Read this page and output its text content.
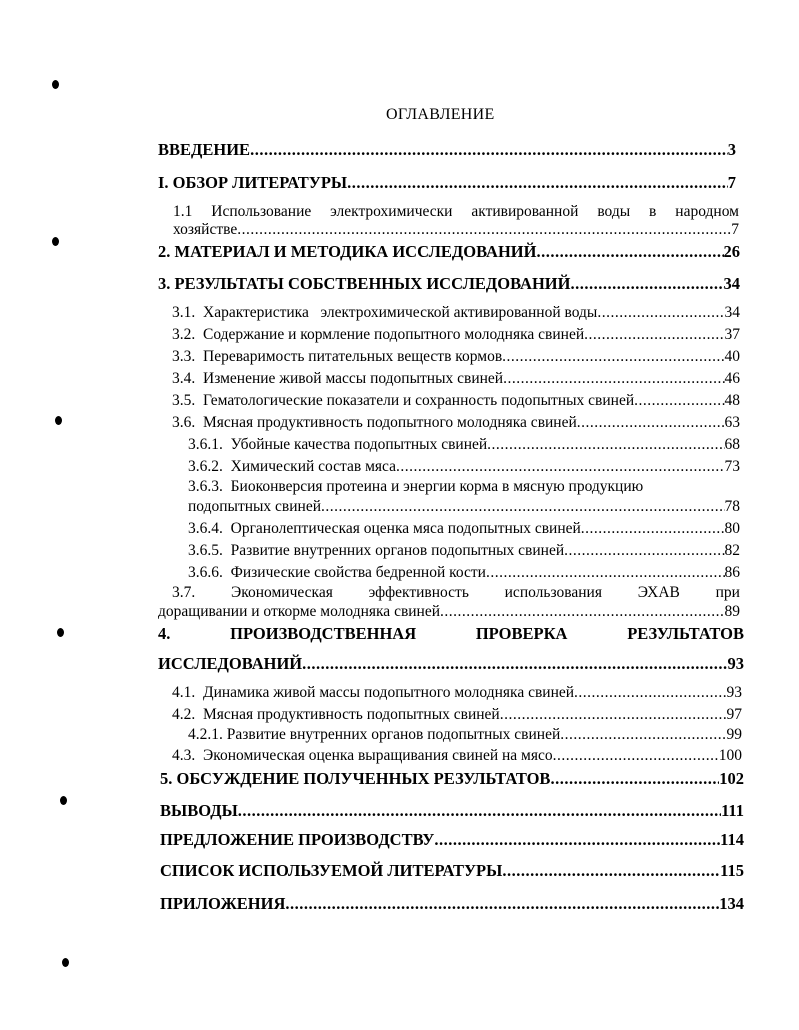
ОГЛАВЛЕНИЕ
ВВЕДЕНИЕ .....	3
I. ОБЗОР ЛИТЕРАТУРЫ .....	7
1.1 Использование электрохимически активированной воды в народном
хозяйстве .....	7
2. МАТЕРИАЛ И МЕТОДИКА ИССЛЕДОВАНИЙ .....	26
3. РЕЗУЛЬТАТЫ СОБСТВЕННЫХ ИССЛЕДОВАНИЙ .....	34
3.1.  Характеристика   электрохимической активированной воды .....	34
3.2.  Содержание и кормление подопытного молодняка свиней .....	37
3.3.  Переваримость питательных веществ кормов .....	40
3.4.  Изменение живой массы подопытных свиней .....	46
3.5.  Гематологические показатели и сохранность подопытных свиней .....	48
3.6.  Мясная продуктивность подопытного молодняка свиней .....	63
3.6.1.  Убойные качества подопытных свиней .....	68
3.6.2.  Химический состав мяса .....	73
3.6.3.  Биоконверсия протеина и энергии корма в мясную продукцию
подопытных свиней .....	78
3.6.4.  Органолептическая оценка мяса подопытных свиней .....	80
3.6.5.  Развитие внутренних органов подопытных свиней .....	82
3.6.6.  Физические свойства бедренной кости .....	86
3.7. Экономическая эффективность использования ЭХАВ при
доращивании и откорме молодняка свиней .....	89
4.	ПРОИЗВОДСТВЕННАЯ	ПРОВЕРКА	РЕЗУЛЬТАТОВ
ИССЛЕДОВАНИЙ .....	93
4.1.  Динамика живой массы подопытного молодняка свиней .....	93
4.2.  Мясная продуктивность подопытных свиней .....	97
4.2.1. Развитие внутренних органов подопытных свиней .....	99
4.3.  Экономическая оценка выращивания свиней на мясо .....	100
5. ОБСУЖДЕНИЕ ПОЛУЧЕННЫХ РЕЗУЛЬТАТОВ .....	102
ВЫВОДЫ .....	111
ПРЕДЛОЖЕНИЕ ПРОИЗВОДСТВУ .....	114
СПИСОК ИСПОЛЬЗУЕМОЙ ЛИТЕРАТУРЫ .....	115
ПРИЛОЖЕНИЯ .....	134
